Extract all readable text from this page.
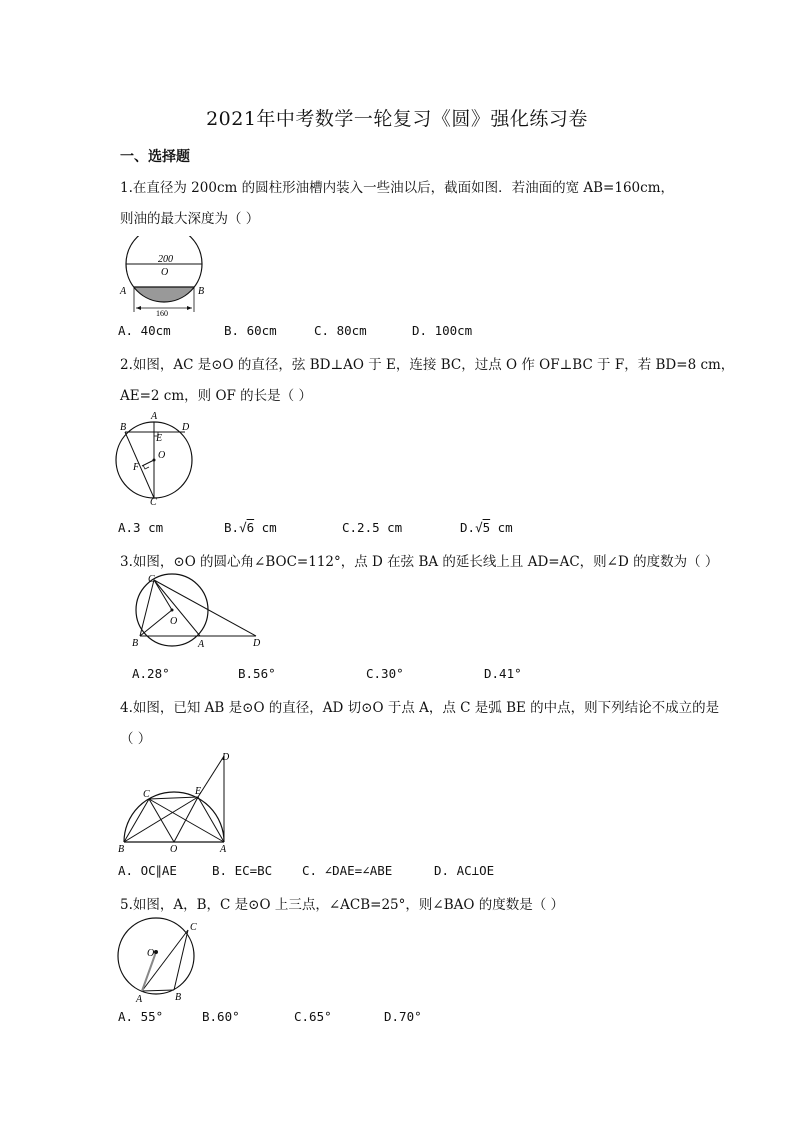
2021年中考数学一轮复习《圆》强化练习卷
一、选择题
1.在直径为 200cm 的圆柱形油槽内装入一些油以后，截面如图．若油面的宽 AB=160cm，
则油的最大深度为（ ）
200
O
A	B
160
A. 40cm	B. 60cm	C. 80cm	D. 100cm
2.如图，AC 是⊙O 的直径，弦 BD⊥AO 于 E，连接 BC，过点 O 作 OF⊥BC 于 F，若 BD=8 cm，
AE=2 cm，则 OF 的长是（ ）
A
B	D
E
O
F
C
A.3 cm	B.√6 cm	C.2.5 cm	D.√5 cm
3.如图，⊙O 的圆心角∠BOC=112°，点 D 在弦 BA 的延长线上且 AD=AC，则∠D 的度数为（ ）
C
O
B	A	D
A.28°	B.56°	C.30°	D.41°
4.如图，已知 AB 是⊙O 的直径，AD 切⊙O 于点 A，点 C 是弧 BE 的中点，则下列结论不成立的是
（ ）
D
C	E
B	O	A
A. OC∥AE	B. EC=BC C. ∠DAE=∠ABE	D. AC⊥OE
5.如图，A，B，C 是⊙O 上三点，∠ACB=25°，则∠BAO 的度数是（ ）
O
C
A	B
A. 55°	B.60°	C.65°	D.70°
